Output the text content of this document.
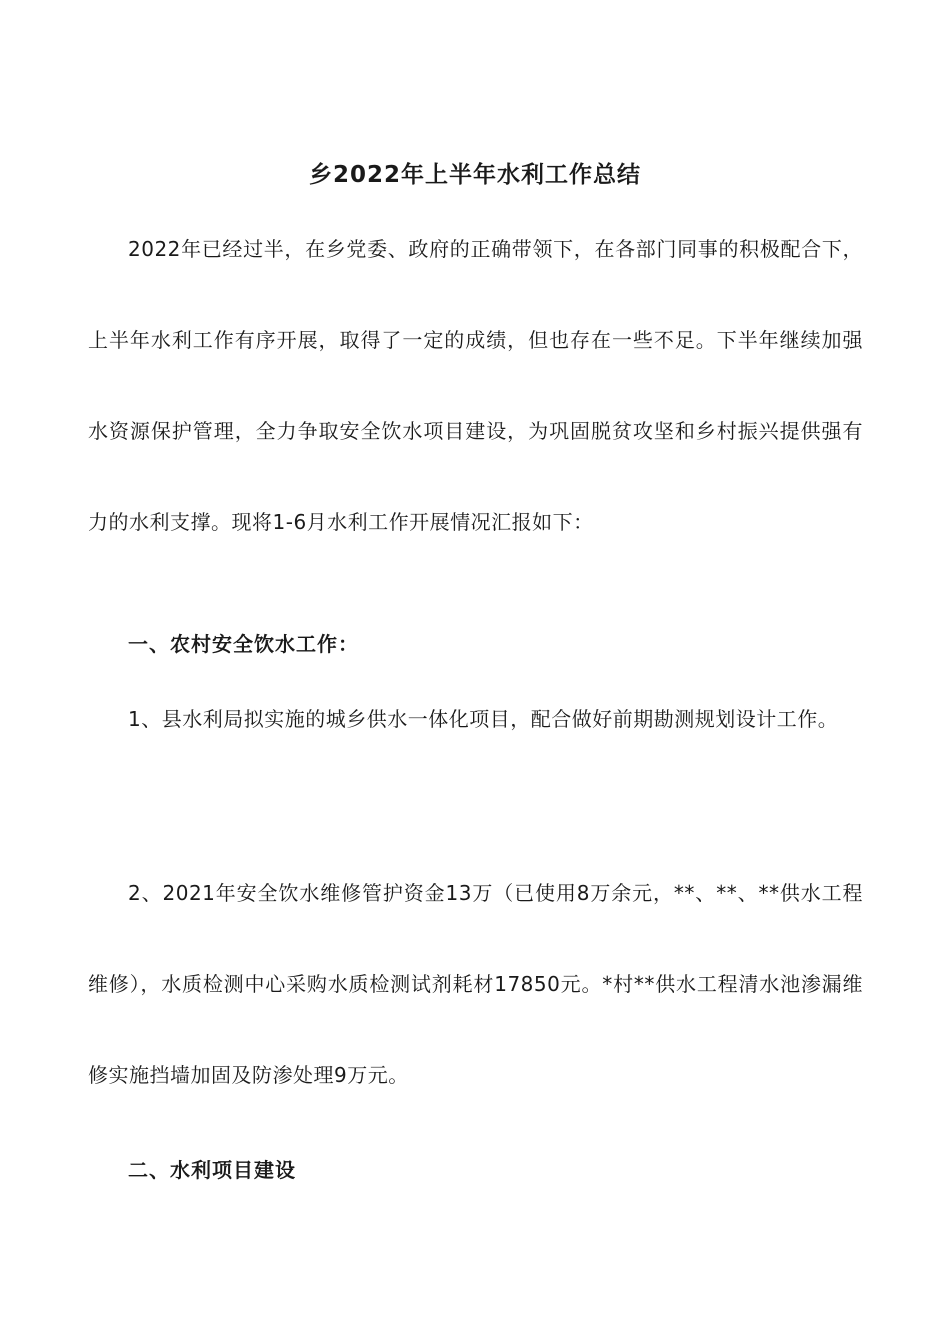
乡2022年上半年水利工作总结

2022年已经过半，在乡党委、政府的正确带领下，在各部门同事的积极配合下，上半年水利工作有序开展，取得了一定的成绩，但也存在一些不足。下半年继续加强水资源保护管理，全力争取安全饮水项目建设，为巩固脱贫攻坚和乡村振兴提供强有力的水利支撑。现将1-6月水利工作开展情况汇报如下：

一、农村安全饮水工作：

1、县水利局拟实施的城乡供水一体化项目，配合做好前期勘测规划设计工作。

2、2021年安全饮水维修管护资金13万（已使用8万余元，**、**、**供水工程维修），水质检测中心采购水质检测试剂耗材17850元。*村**供水工程清水池渗漏维修实施挡墙加固及防渗处理9万元。

二、水利项目建设
